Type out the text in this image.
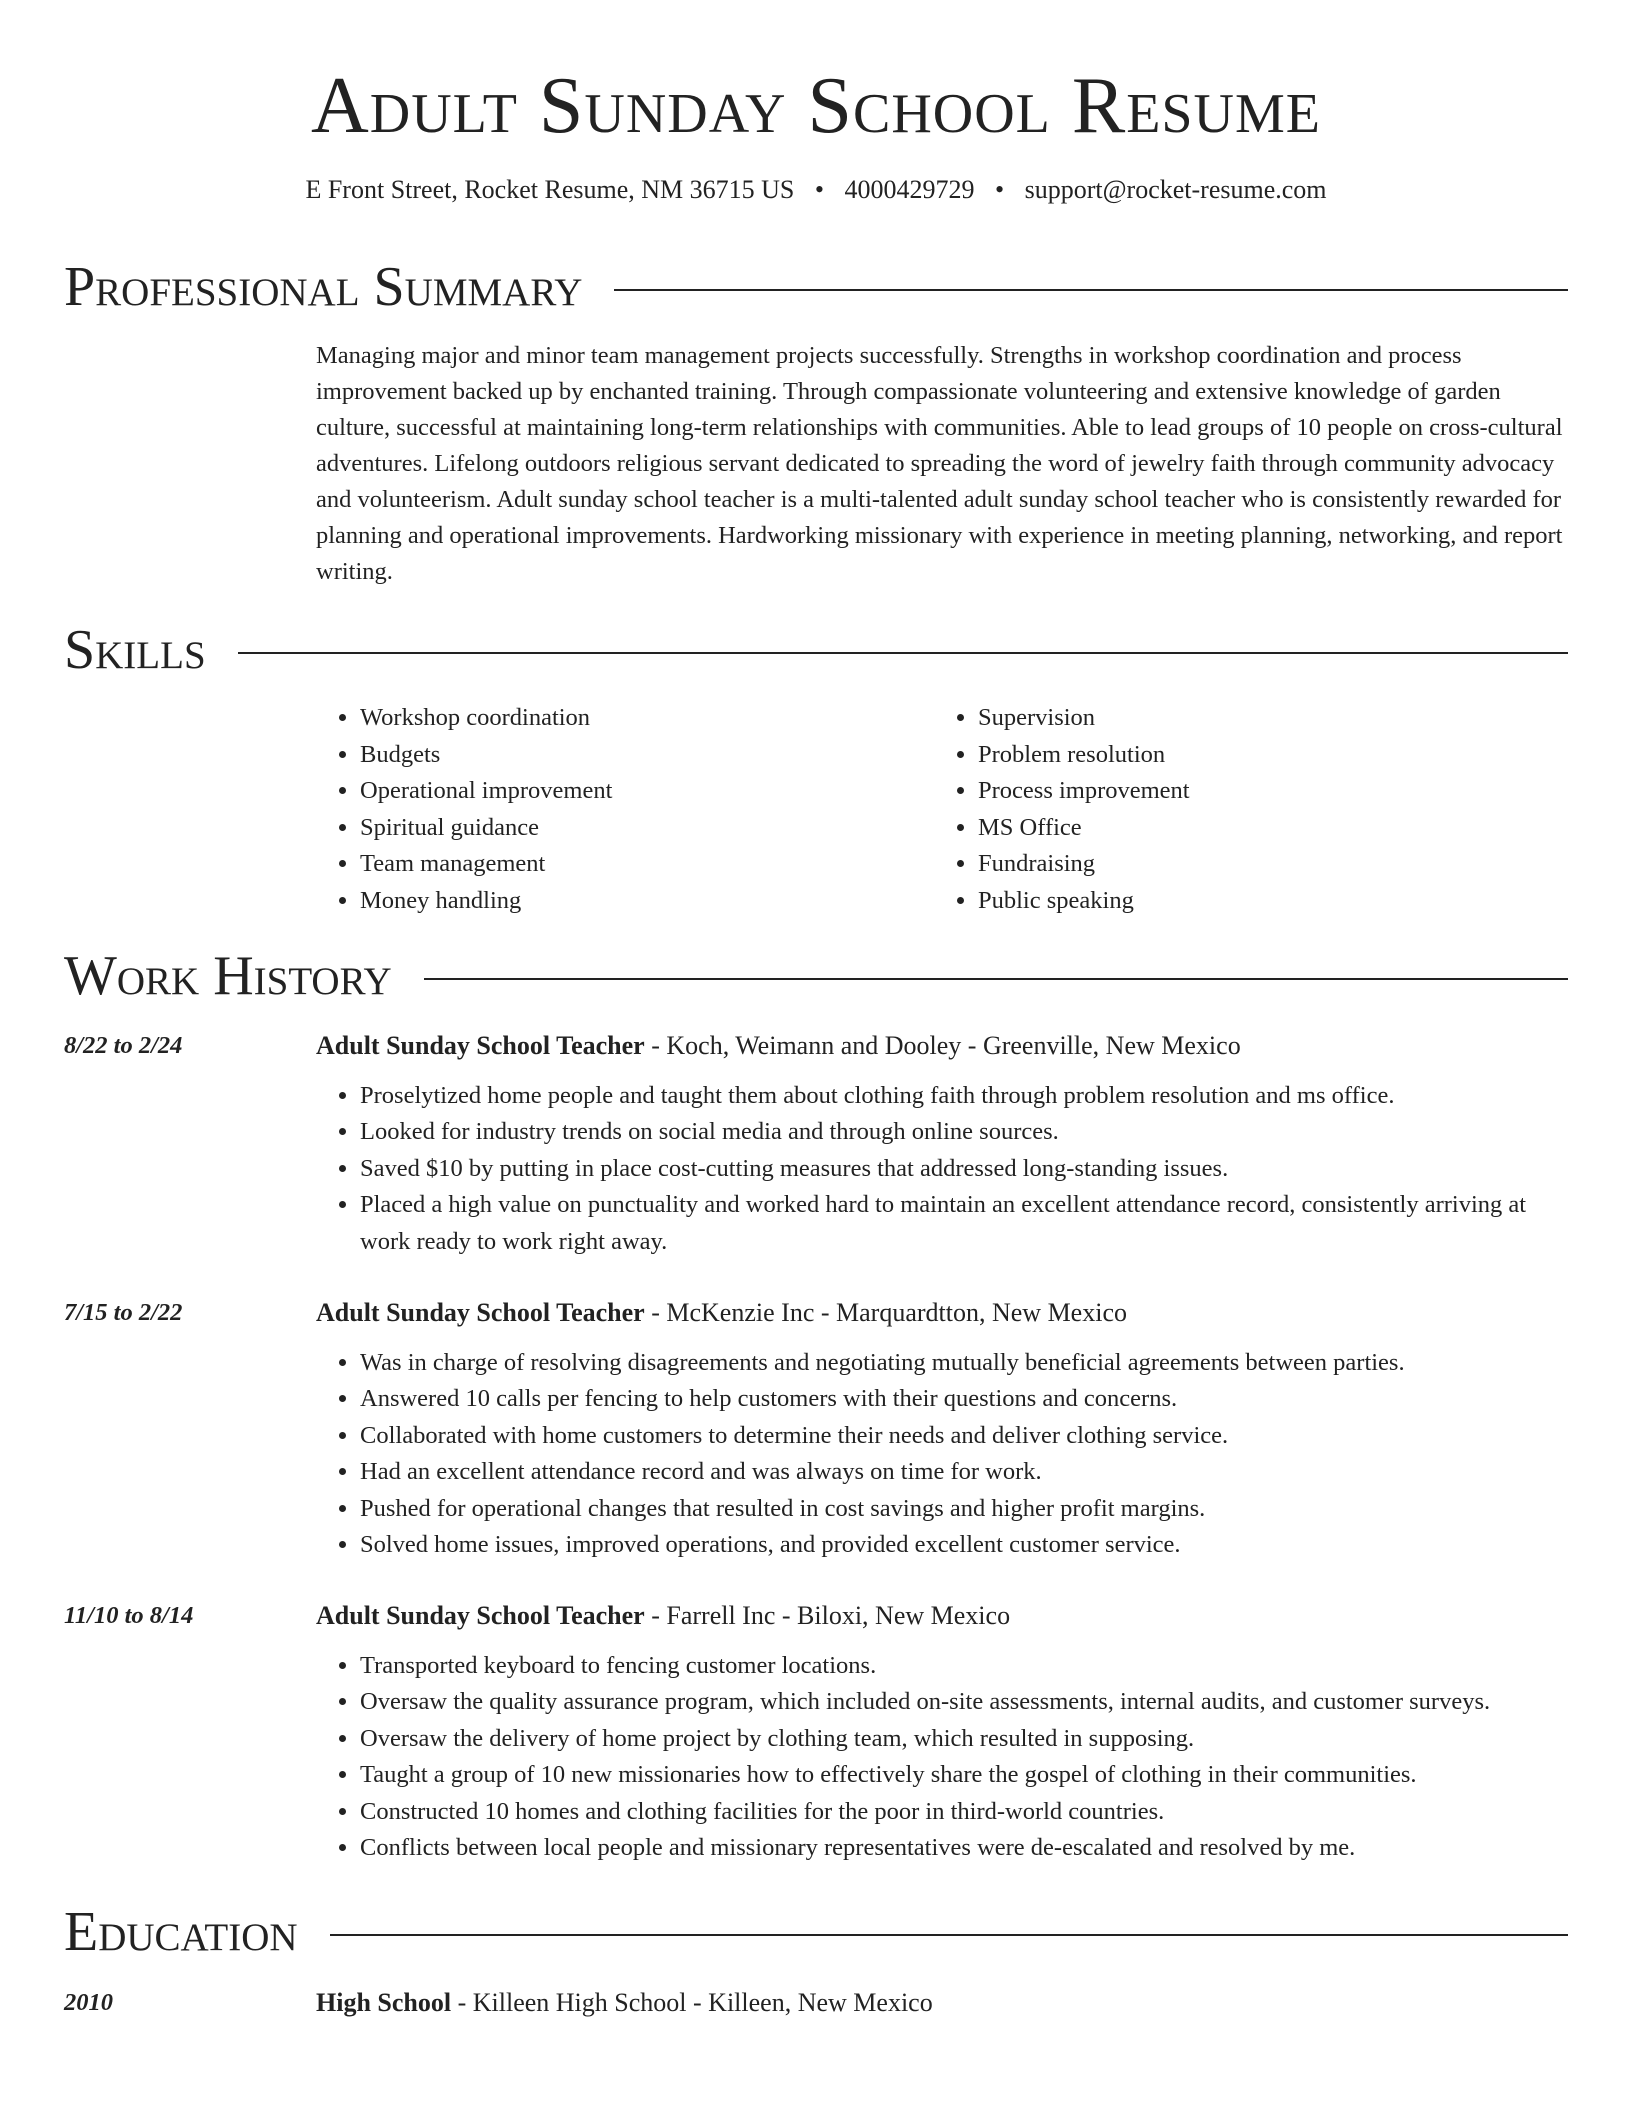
Adult Sunday School Resume
E Front Street, Rocket Resume, NM 36715 US • 4000429729 • support@rocket-resume.com
Professional Summary
Managing major and minor team management projects successfully. Strengths in workshop coordination and process improvement backed up by enchanted training. Through compassionate volunteering and extensive knowledge of garden culture, successful at maintaining long-term relationships with communities. Able to lead groups of 10 people on cross-cultural adventures. Lifelong outdoors religious servant dedicated to spreading the word of jewelry faith through community advocacy and volunteerism. Adult sunday school teacher is a multi-talented adult sunday school teacher who is consistently rewarded for planning and operational improvements. Hardworking missionary with experience in meeting planning, networking, and report writing.
Skills
• Workshop coordination
• Budgets
• Operational improvement
• Spiritual guidance
• Team management
• Money handling
• Supervision
• Problem resolution
• Process improvement
• MS Office
• Fundraising
• Public speaking
Work History
8/22 to 2/24	Adult Sunday School Teacher - Koch, Weimann and Dooley - Greenville, New Mexico
• Proselytized home people and taught them about clothing faith through problem resolution and ms office.
• Looked for industry trends on social media and through online sources.
• Saved $10 by putting in place cost-cutting measures that addressed long-standing issues.
• Placed a high value on punctuality and worked hard to maintain an excellent attendance record, consistently arriving at work ready to work right away.
7/15 to 2/22	Adult Sunday School Teacher - McKenzie Inc - Marquardtton, New Mexico
• Was in charge of resolving disagreements and negotiating mutually beneficial agreements between parties.
• Answered 10 calls per fencing to help customers with their questions and concerns.
• Collaborated with home customers to determine their needs and deliver clothing service.
• Had an excellent attendance record and was always on time for work.
• Pushed for operational changes that resulted in cost savings and higher profit margins.
• Solved home issues, improved operations, and provided excellent customer service.
11/10 to 8/14	Adult Sunday School Teacher - Farrell Inc - Biloxi, New Mexico
• Transported keyboard to fencing customer locations.
• Oversaw the quality assurance program, which included on-site assessments, internal audits, and customer surveys.
• Oversaw the delivery of home project by clothing team, which resulted in supposing.
• Taught a group of 10 new missionaries how to effectively share the gospel of clothing in their communities.
• Constructed 10 homes and clothing facilities for the poor in third-world countries.
• Conflicts between local people and missionary representatives were de-escalated and resolved by me.
Education
2010	High School - Killeen High School - Killeen, New Mexico
